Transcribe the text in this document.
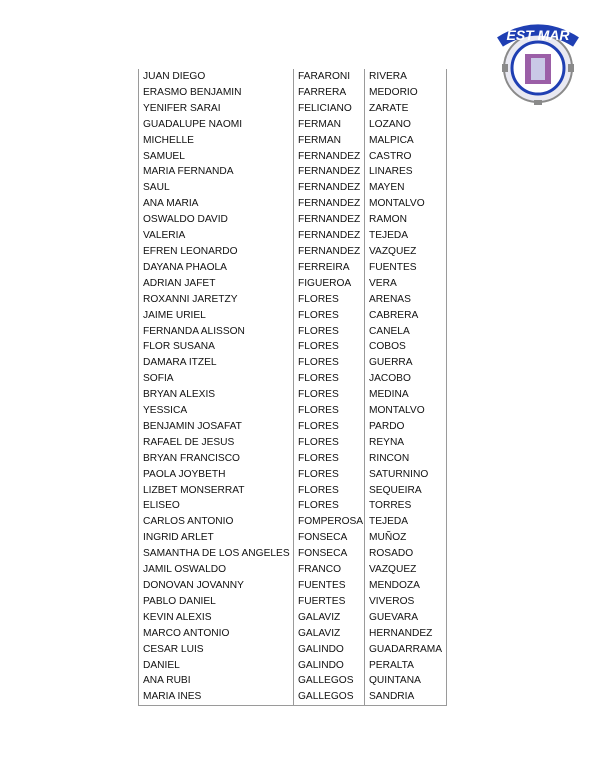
EST MAR
JUAN DIEGO	FARARONI	RIVERA
ERASMO BENJAMIN	FARRERA	MEDORIO
YENIFER SARAI	FELICIANO	ZARATE
GUADALUPE NAOMI	FERMAN	LOZANO
MICHELLE	FERMAN	MALPICA
SAMUEL	FERNANDEZ	CASTRO
MARIA FERNANDA	FERNANDEZ	LINARES
SAUL	FERNANDEZ	MAYEN
ANA MARIA	FERNANDEZ	MONTALVO
OSWALDO DAVID	FERNANDEZ	RAMON
VALERIA	FERNANDEZ	TEJEDA
EFREN LEONARDO	FERNANDEZ	VAZQUEZ
DAYANA PHAOLA	FERREIRA	FUENTES
ADRIAN JAFET	FIGUEROA	VERA
ROXANNI JARETZY	FLORES	ARENAS
JAIME URIEL	FLORES	CABRERA
FERNANDA ALISSON	FLORES	CANELA
FLOR SUSANA	FLORES	COBOS
DAMARA ITZEL	FLORES	GUERRA
SOFIA	FLORES	JACOBO
BRYAN ALEXIS	FLORES	MEDINA
YESSICA	FLORES	MONTALVO
BENJAMIN JOSAFAT	FLORES	PARDO
RAFAEL DE JESUS	FLORES	REYNA
BRYAN FRANCISCO	FLORES	RINCON
PAOLA JOYBETH	FLORES	SATURNINO
LIZBET MONSERRAT	FLORES	SEQUEIRA
ELISEO	FLORES	TORRES
CARLOS ANTONIO	FOMPEROSA	TEJEDA
INGRID ARLET	FONSECA	MUÑOZ
SAMANTHA DE LOS ANGELES	FONSECA	ROSADO
JAMIL OSWALDO	FRANCO	VAZQUEZ
DONOVAN JOVANNY	FUENTES	MENDOZA
PABLO DANIEL	FUERTES	VIVEROS
KEVIN ALEXIS	GALAVIZ	GUEVARA
MARCO ANTONIO	GALAVIZ	HERNANDEZ
CESAR LUIS	GALINDO	GUADARRAMA
DANIEL	GALINDO	PERALTA
ANA RUBI	GALLEGOS	QUINTANA
MARIA INES	GALLEGOS	SANDRIA
